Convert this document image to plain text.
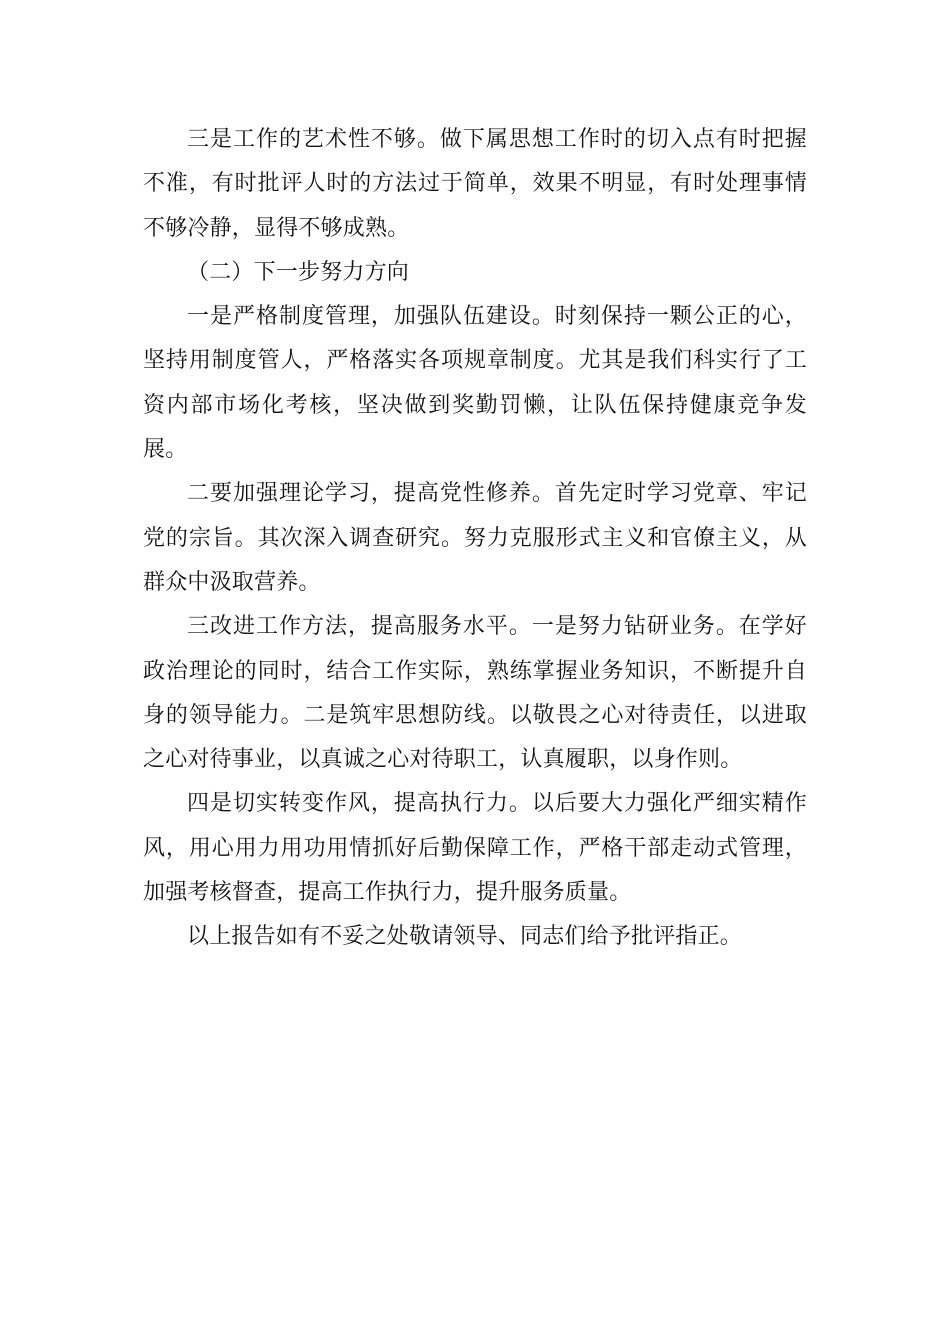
三是工作的艺术性不够。做下属思想工作时的切入点有时把握不准，有时批评人时的方法过于简单，效果不明显，有时处理事情不够冷静，显得不够成熟。

（二）下一步努力方向

一是严格制度管理，加强队伍建设。时刻保持一颗公正的心，坚持用制度管人，严格落实各项规章制度。尤其是我们科实行了工资内部市场化考核，坚决做到奖勤罚懒，让队伍保持健康竞争发展。

二要加强理论学习，提高党性修养。首先定时学习党章、牢记党的宗旨。其次深入调查研究。努力克服形式主义和官僚主义，从群众中汲取营养。

三改进工作方法，提高服务水平。一是努力钻研业务。在学好政治理论的同时，结合工作实际，熟练掌握业务知识，不断提升自身的领导能力。二是筑牢思想防线。以敬畏之心对待责任，以进取之心对待事业，以真诚之心对待职工，认真履职，以身作则。

四是切实转变作风，提高执行力。以后要大力强化严细实精作风，用心用力用功用情抓好后勤保障工作，严格干部走动式管理，加强考核督查，提高工作执行力，提升服务质量。

以上报告如有不妥之处敬请领导、同志们给予批评指正。
